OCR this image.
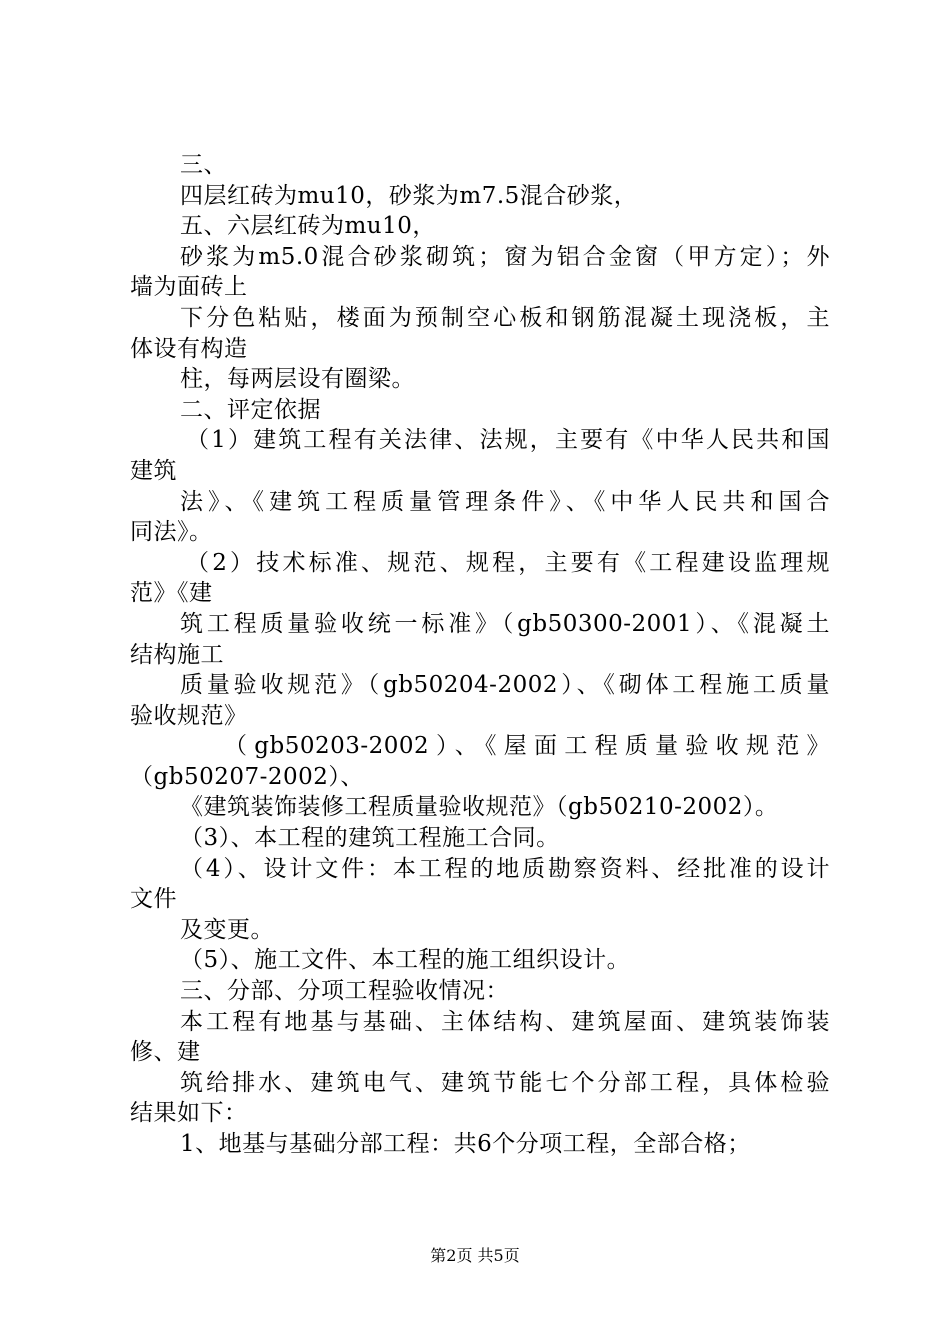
三、
四层红砖为mu10，砂浆为m7.5混合砂浆，
五、六层红砖为mu10，
砂浆为m5.0混合砂浆砌筑；窗为铝合金窗（甲方定）；外
墙为面砖上
下分色粘贴，楼面为预制空心板和钢筋混凝土现浇板，主
体设有构造
柱，每两层设有圈梁。
二、评定依据
（1）建筑工程有关法律、法规，主要有《中华人民共和国
建筑
法》、《建筑工程质量管理条件》、《中华人民共和国合
同法》。
（2）技术标准、规范、规程，主要有《工程建设监理规
范》《建
筑工程质量验收统一标准》（gb50300-2001）、《混凝土
结构施工
质量验收规范》（gb50204-2002）、《砌体工程施工质量
验收规范》
（gb50203-2002）、《屋面工程质量验收规范》
（gb50207-2002）、
《建筑装饰装修工程质量验收规范》（gb50210-2002）。
（3）、本工程的建筑工程施工合同。
（4）、设计文件：本工程的地质勘察资料、经批准的设计
文件
及变更。
（5）、施工文件、本工程的施工组织设计。
三、分部、分项工程验收情况：
本工程有地基与基础、主体结构、建筑屋面、建筑装饰装
修、建
筑给排水、建筑电气、建筑节能七个分部工程，具体检验
结果如下：
1、地基与基础分部工程：共6个分项工程，全部合格；
第2页 共5页
